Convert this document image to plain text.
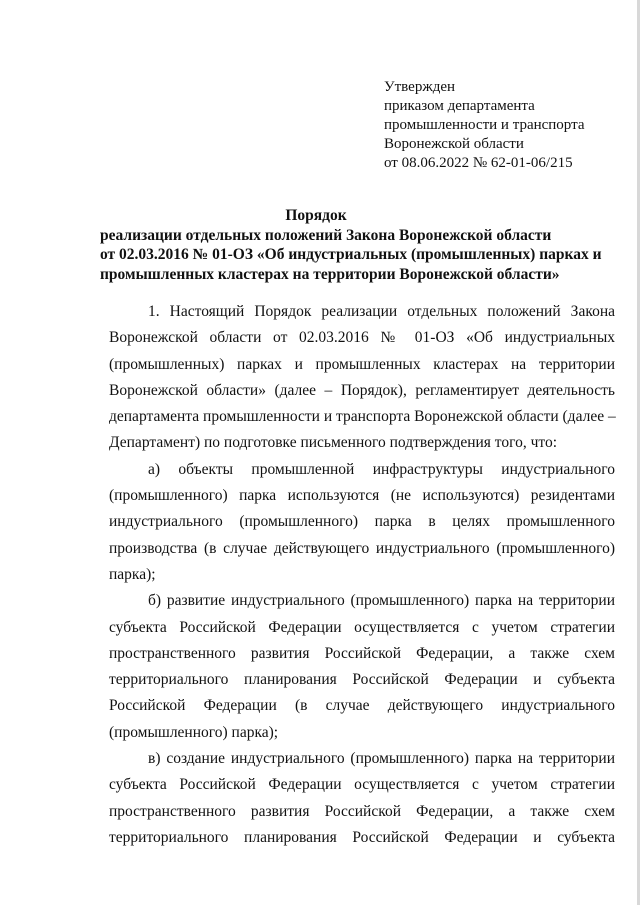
Утвержден
приказом департамента
промышленности и транспорта
Воронежской области
от 08.06.2022 № 62-01-06/215
Порядок
реализации отдельных положений Закона Воронежской области
от 02.03.2016 № 01-ОЗ «Об индустриальных (промышленных) парках и
промышленных кластерах на территории Воронежской области»
1. Настоящий Порядок реализации отдельных положений Закона
Воронежской области от 02.03.2016 № 01-ОЗ «Об индустриальных
(промышленных) парках и промышленных кластерах на территории
Воронежской области» (далее – Порядок), регламентирует деятельность
департамента промышленности и транспорта Воронежской области (далее –
Департамент) по подготовке письменного подтверждения того, что:
а) объекты промышленной инфраструктуры индустриального
(промышленного) парка используются (не используются) резидентами
индустриального (промышленного) парка в целях промышленного
производства (в случае действующего индустриального (промышленного)
парка);
б) развитие индустриального (промышленного) парка на территории
субъекта Российской Федерации осуществляется с учетом стратегии
пространственного развития Российской Федерации, а также схем
территориального планирования Российской Федерации и субъекта
Российской Федерации (в случае действующего индустриального
(промышленного) парка);
в) создание индустриального (промышленного) парка на территории
субъекта Российской Федерации осуществляется с учетом стратегии
пространственного развития Российской Федерации, а также схем
территориального планирования Российской Федерации и субъекта
